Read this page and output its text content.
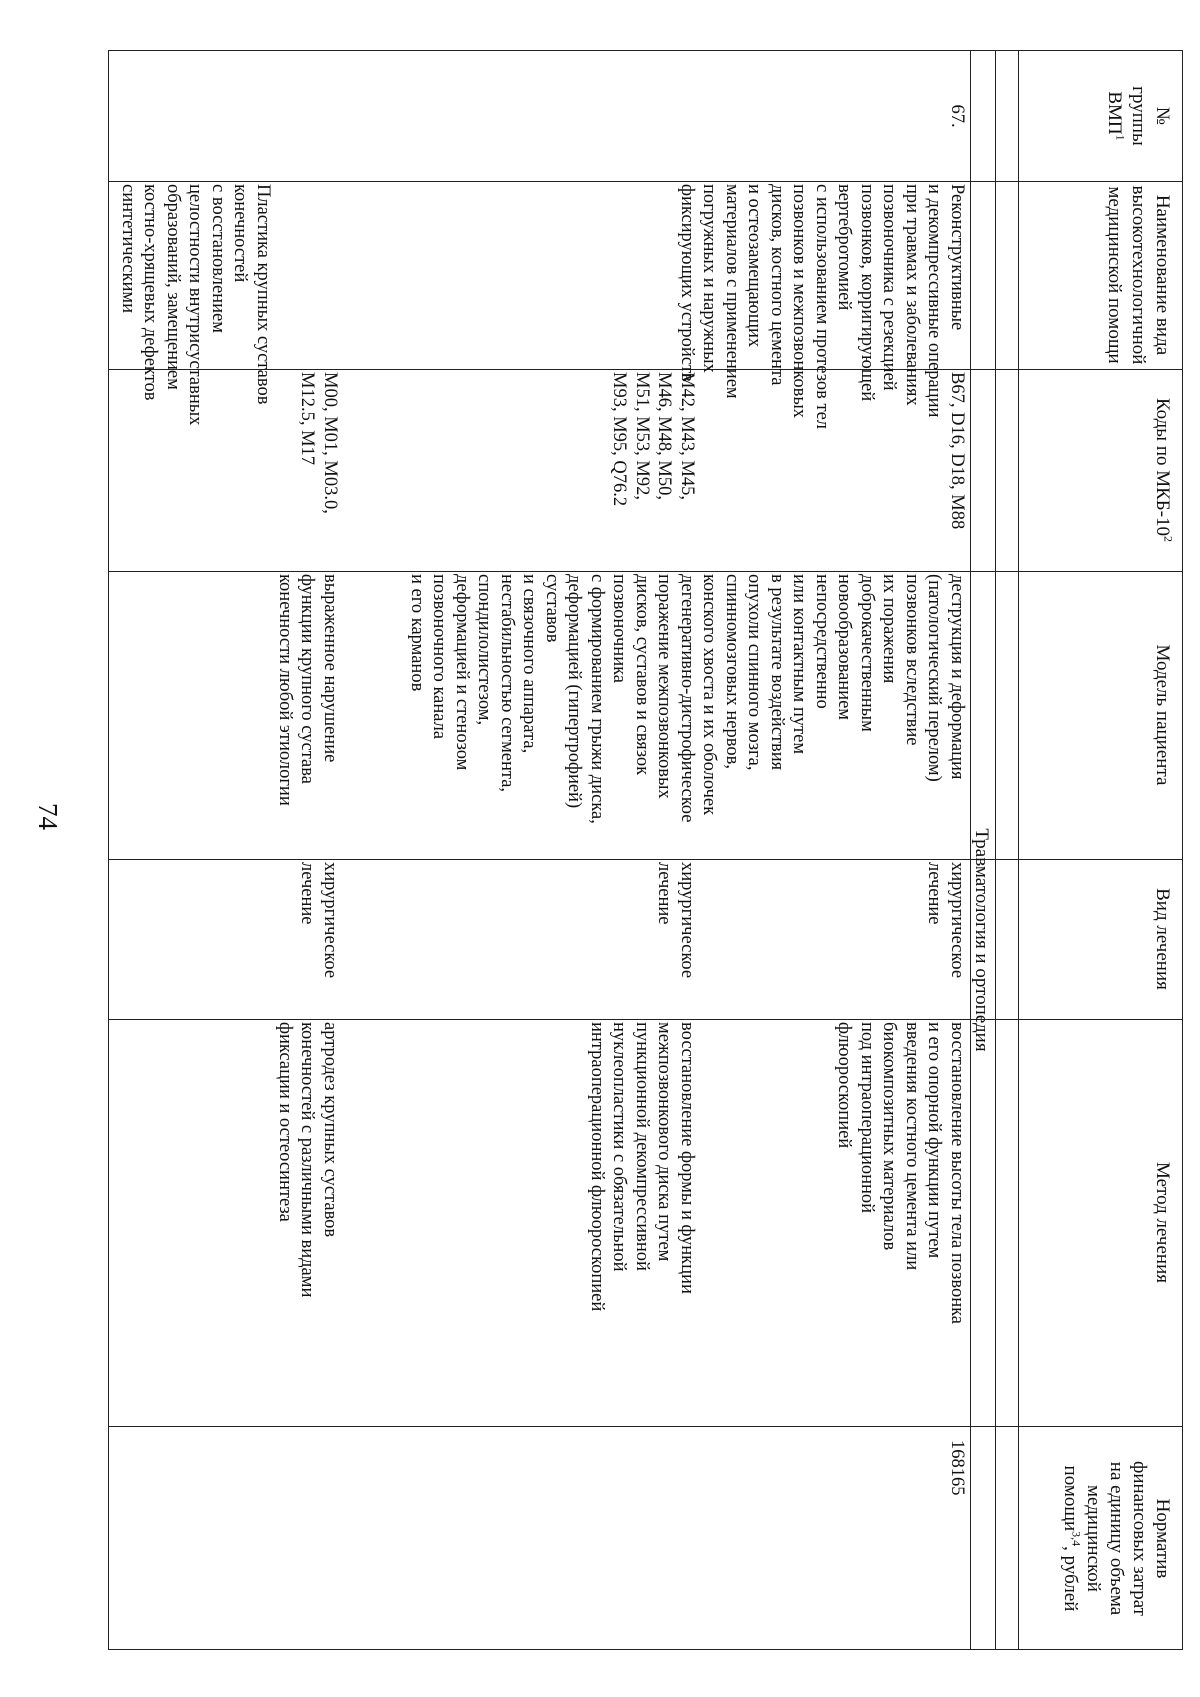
74
№
группы
ВМП$^1$
Наименование вида
высокотехнологичной
медицинской помощи
Коды по МКБ-$10^2$
Модель пациента
Вид лечения
Метод лечения
Норматив
финансовых затрат
на единицу объема
медицинской
помощи$^{3,4}$, рублей
Травматология и ортопедия
67.
Реконструктивные
и декомпрессивные операции
при травмах и заболеваниях
позвоночника с резекцией
позвонков, корригирующей
вертебротомией
с использованием протезов тел
позвонков и межпозвонковых
дисков, костного цемента
и остеозамещающих
материалов с применением
погружных и наружных
фиксирующих устройств
Пластика крупных суставов
конечностей
с восстановлением
целостности внутрисуставных
образований, замещением
костно-хрящевых дефектов
синтетическими
B67, D16, D18, M88
деструкция и деформация
(патологический перелом)
позвонков вследствие
их поражения
доброкачественным
новообразованием
непосредственно
или контактным путем
в результате воздействия
опухоли спинного мозга,
спинномозговых нервов,
конского хвоста и их оболочек
хирургическое
лечение
восстановление высоты тела позвонка
и его опорной функции путем
введения костного цемента или
биокомпозитных материалов
под интраоперационной
флюороскопией
M42, M43, M45,
M46, M48, M50,
M51, M53, M92,
M93, M95, Q76.2
дегенеративно-дистрофическое
поражение межпозвонковых
дисков, суставов и связок
позвоночника
с формированием грыжи диска,
деформацией (гипертрофией)
суставов
и связочного аппарата,
нестабильностью сегмента,
спондилолистезом,
деформацией и стенозом
позвоночного канала
и его карманов
хирургическое
лечение
восстановление формы и функции
межпозвонкового диска путем
пункционной декомпрессивной
нуклеопластики с обязательной
интраоперационной флюороскопией
M00, M01, M03.0,
M12.5, M17
выраженное нарушение
функции крупного сустава
конечности любой этиологии
хирургическое
лечение
артродез крупных суставов
конечностей с различными видами
фиксации и остеосинтеза
168165
